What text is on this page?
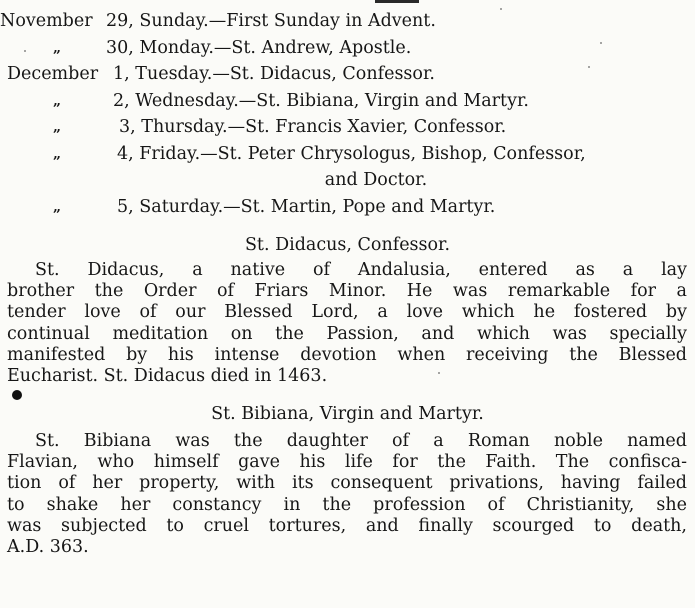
November 29, Sunday.—First Sunday in Advent.
„	30, Monday.—St. Andrew, Apostle.
December 1, Tuesday.—St. Didacus, Confessor.
„	2, Wednesday.—St. Bibiana, Virgin and Martyr.
„	3, Thursday.—St. Francis Xavier, Confessor.
„	4, Friday.—St. Peter Chrysologus, Bishop, Confessor,
and Doctor.
„	5, Saturday.—St. Martin, Pope and Martyr.
St. Didacus, Confessor.
St. Didacus, a native of Andalusia, entered as a lay
brother the Order of Friars Minor. He was remarkable for a
tender love of our Blessed Lord, a love which he fostered by
continual meditation on the Passion, and which was specially
manifested by his intense devotion when receiving the Blessed
Eucharist. St. Didacus died in 1463.
St. Bibiana, Virgin and Martyr.
St. Bibiana was the daughter of a Roman noble named
Flavian, who himself gave his life for the Faith. The confisca-
tion of her property, with its consequent privations, having failed
to shake her constancy in the profession of Christianity, she
was subjected to cruel tortures, and finally scourged to death,
A.D. 363.
